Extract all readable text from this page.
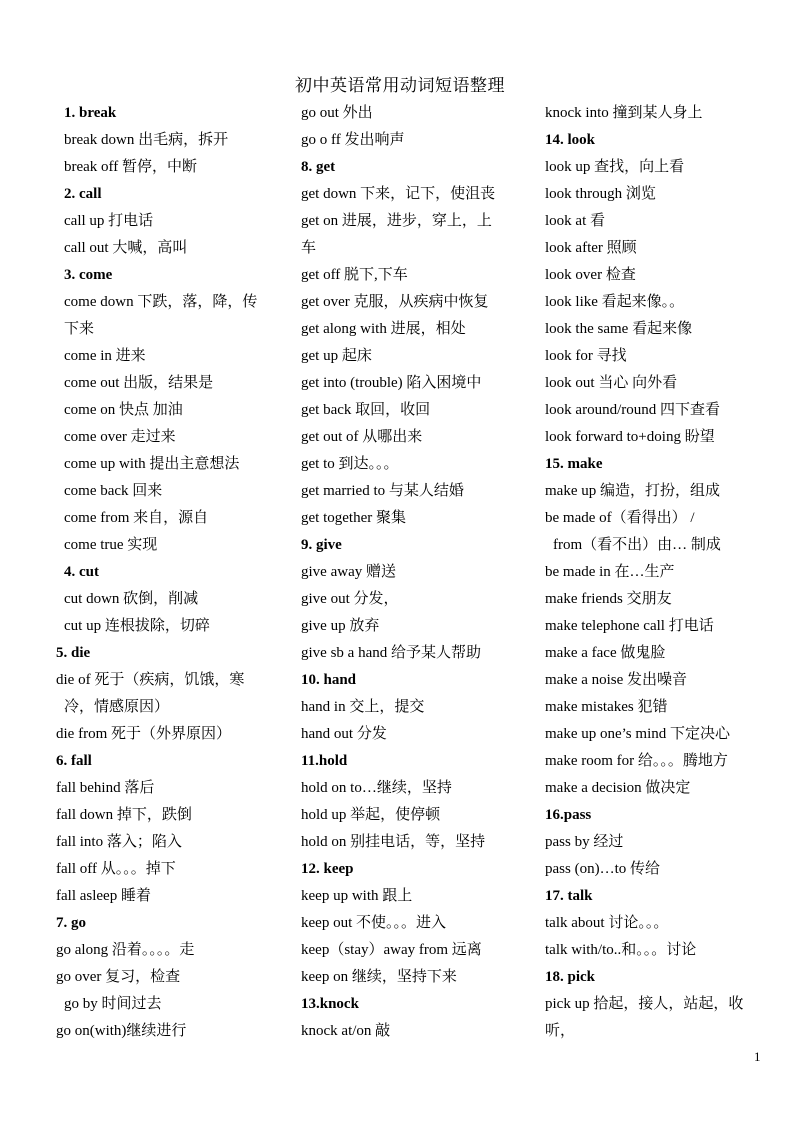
初中英语常用动词短语整理
1. break
break down 出毛病，拆开
break off 暂停，中断
2. call
call up 打电话
call out 大喊，高叫
3. come
come down 下跌，落，降，传
下来
come in 进来
come out 出版，结果是
come on 快点 加油
come over 走过来
come up with 提出主意想法
come back 回来
come from 来自，源自
come true 实现
4. cut
cut down 砍倒，削减
cut up 连根拔除，切碎
5. die
die of 死于（疾病，饥饿，寒
冷，情感原因）
die from 死于（外界原因）
6. fall
fall behind 落后
fall down 掉下，跌倒
fall into 落入；陷入
fall off 从。。。掉下
fall asleep 睡着
7. go
go along 沿着。。。。走
go over 复习，检查
go by 时间过去
go on(with)继续进行
go out 外出
go o ff 发出响声
8. get
get down 下来，记下，使沮丧
get on 进展，进步，穿上，上
车
get off 脱下,下车
get over 克服，从疾病中恢复
get along with 进展，相处
get up 起床
get into (trouble) 陷入困境中
get back 取回，收回
get out of 从哪出来
get to 到达。。。
get married to 与某人结婚
get together 聚集
9. give
give away 赠送
give out 分发，
give up 放弃
give sb a hand 给予某人帮助
10. hand
hand in 交上，提交
hand out 分发
11.hold
hold on to…继续，坚持
hold up 举起，使停顿
hold on 别挂电话，等，坚持
12. keep
keep up with 跟上
keep out 不使。。。进入
keep（stay）away from 远离
keep on 继续，坚持下来
13.knock
knock at/on 敲
knock into 撞到某人身上
14. look
look up 查找，向上看
look through 浏览
look at 看
look after 照顾
look over 检查
look like 看起来像。。
look the same 看起来像
look for 寻找
look out 当心 向外看
look around/round 四下查看
look forward to+doing 盼望
15. make
make up 编造，打扮，组成
be made of（看得出） /
from（看不出）由… 制成
be made in 在…生产
make friends 交朋友
make telephone call 打电话
make a face 做鬼脸
make a noise 发出噪音
make mistakes 犯错
make up one’s mind 下定决心
make room for 给。。。腾地方
make a decision 做决定
16.pass
pass by 经过
pass (on)…to 传给
17. talk
talk about 讨论。。。
talk with/to..和。。。讨论
18. pick
pick up 拾起，接人，站起，收
听，
1
